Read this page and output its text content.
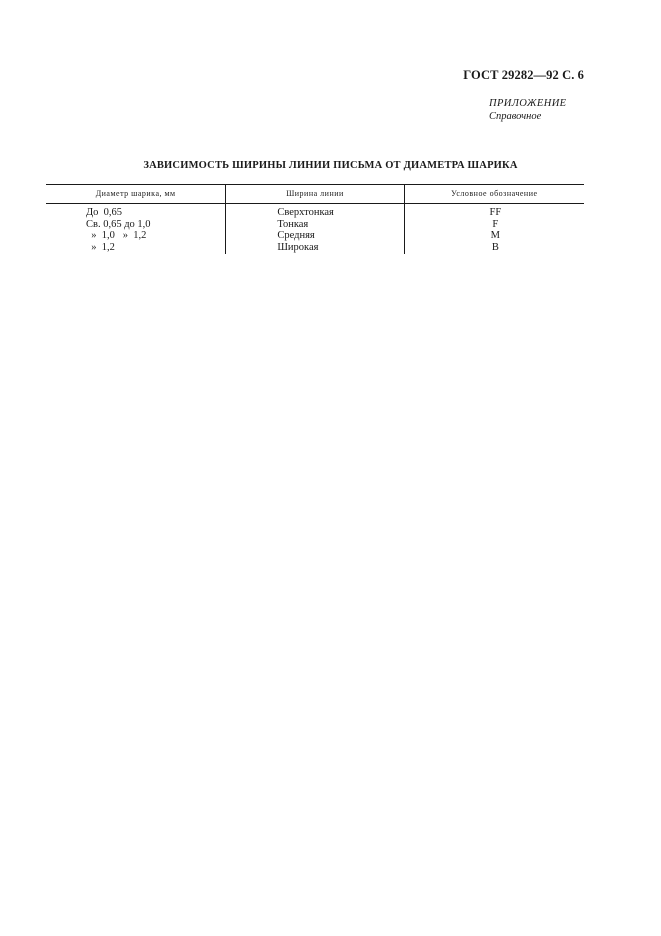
ГОСТ 29282—92 С. 6
ПРИЛОЖЕНИЕ
Справочное
ЗАВИСИМОСТЬ ШИРИНЫ ЛИНИИ ПИСЬМА ОТ ДИАМЕТРА ШАРИКА
Диаметр шарика, мм	Ширина линии	Условное обозначение
До  0,65
Св. 0,65 до 1,0
»  1,0   »  1,2
»  1,2
Сверхтонкая
Тонкая
Средняя
Широкая
FF
F
M
B
